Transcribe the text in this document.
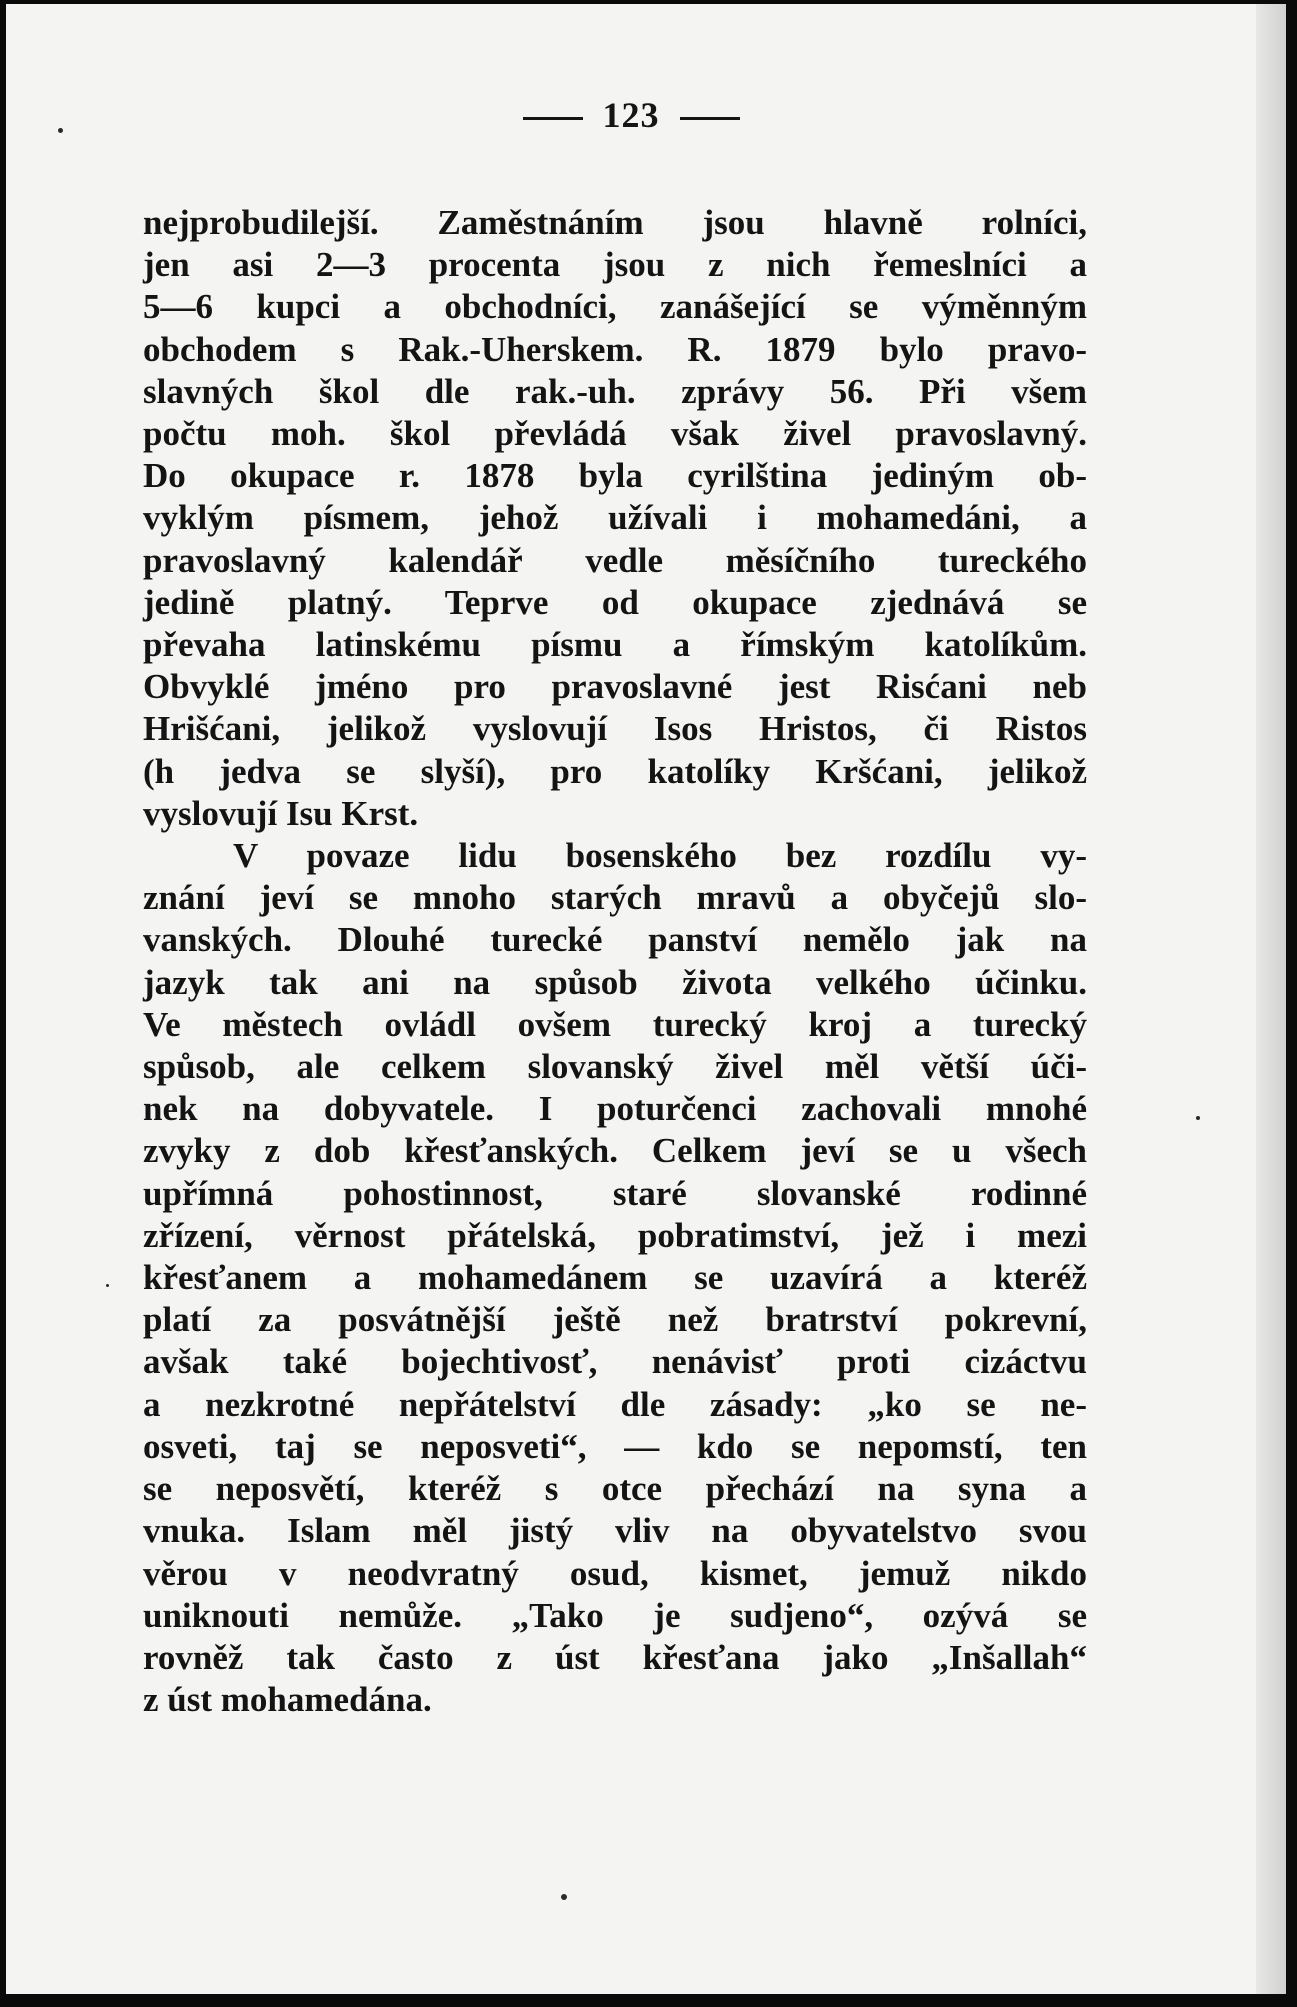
123
nejprobudilejší. Zaměstnáním jsou hlavně rolníci,
jen asi 2—3 procenta jsou z nich řemeslníci a
5—6 kupci a obchodníci, zanášející se výměnným
obchodem s Rak.-Uherskem. R. 1879 bylo pravo-
slavných škol dle rak.-uh. zprávy 56. Při všem
počtu moh. škol převládá však živel pravoslavný.
Do okupace r. 1878 byla cyrilština jediným ob-
vyklým písmem, jehož užívali i mohamedáni, a
pravoslavný kalendář vedle měsíčního tureckého
jedině platný. Teprve od okupace zjednává se
převaha latinskému písmu a římským katolíkům.
Obvyklé jméno pro pravoslavné jest Risćani neb
Hrišćani, jelikož vyslovují Isos Hristos, či Ristos
(h jedva se slyší), pro katolíky Kršćani, jelikož
vyslovují Isu Krst.
V povaze lidu bosenského bez rozdílu vy-
znání jeví se mnoho starých mravů a obyčejů slo-
vanských. Dlouhé turecké panství nemělo jak na
jazyk tak ani na spůsob života velkého účinku.
Ve městech ovládl ovšem turecký kroj a turecký
spůsob, ale celkem slovanský živel měl větší úči-
nek na dobyvatele. I poturčenci zachovali mnohé
zvyky z dob křesťanských. Celkem jeví se u všech
upřímná pohostinnost, staré slovanské rodinné
zřízení, věrnost přátelská, pobratimství, jež i mezi
křesťanem a mohamedánem se uzavírá a kteréž
platí za posvátnější ještě než bratrství pokrevní,
avšak také bojechtivosť, nenávisť proti cizáctvu
a nezkrotné nepřátelství dle zásady: „ko se ne-
osveti, taj se neposveti“, — kdo se nepomstí, ten
se neposvětí, kteréž s otce přechází na syna a
vnuka. Islam měl jistý vliv na obyvatelstvo svou
věrou v neodvratný osud, kismet, jemuž nikdo
uniknouti nemůže. „Tako je sudjeno“, ozývá se
rovněž tak často z úst křesťana jako „Inšallah“
z úst mohamedána.
